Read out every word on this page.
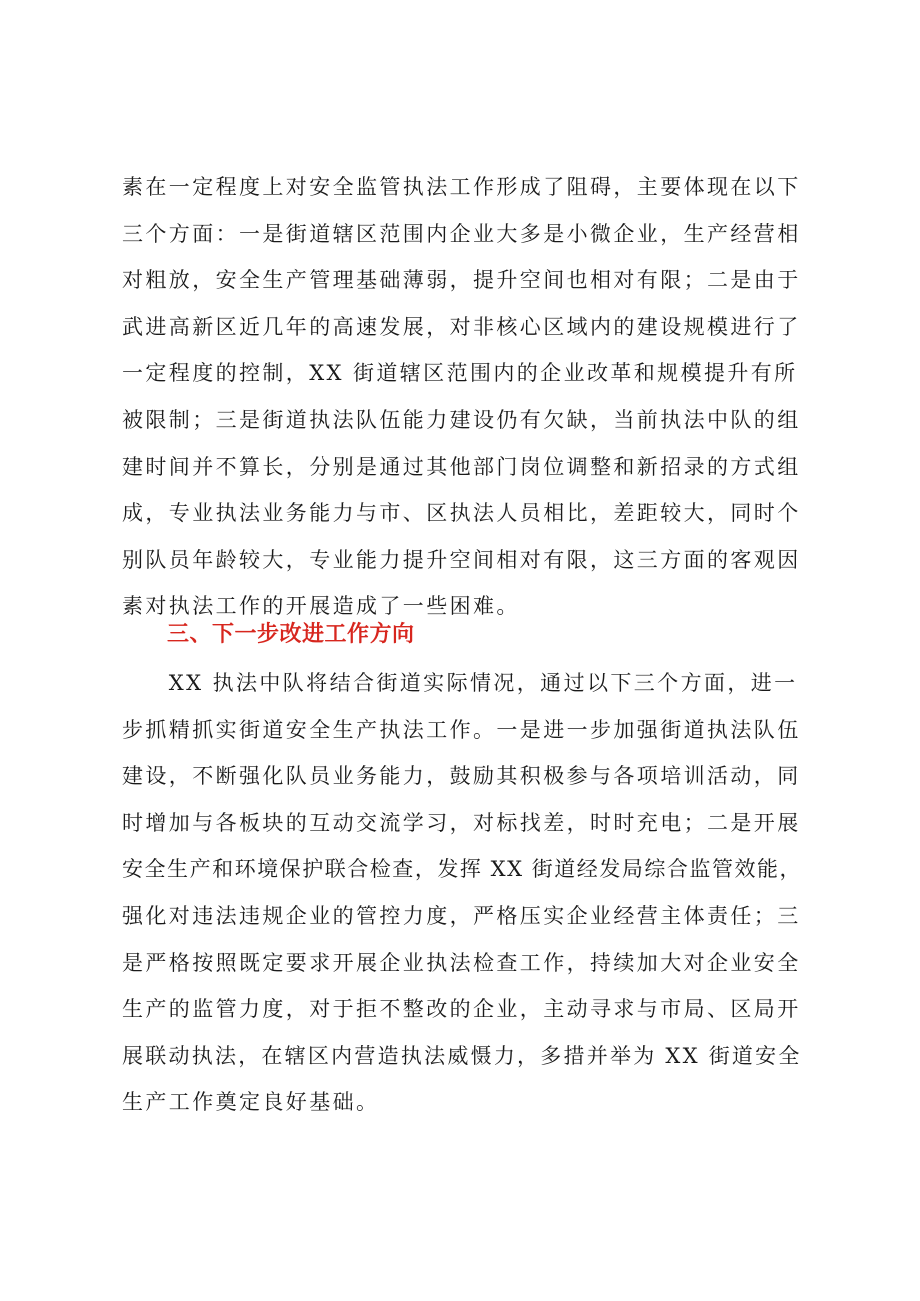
素在一定程度上对安全监管执法工作形成了阻碍，主要体现在以下
三个方面：一是街道辖区范围内企业大多是小微企业，生产经营相
对粗放，安全生产管理基础薄弱，提升空间也相对有限；二是由于
武进高新区近几年的高速发展，对非核心区域内的建设规模进行了
一定程度的控制，XX 街道辖区范围内的企业改革和规模提升有所
被限制；三是街道执法队伍能力建设仍有欠缺，当前执法中队的组
建时间并不算长，分别是通过其他部门岗位调整和新招录的方式组
成，专业执法业务能力与市、区执法人员相比，差距较大，同时个
别队员年龄较大，专业能力提升空间相对有限，这三方面的客观因
素对执法工作的开展造成了一些困难。
三、下一步改进工作方向
　　XX 执法中队将结合街道实际情况，通过以下三个方面，进一
步抓精抓实街道安全生产执法工作。一是进一步加强街道执法队伍
建设，不断强化队员业务能力，鼓励其积极参与各项培训活动，同
时增加与各板块的互动交流学习，对标找差，时时充电；二是开展
安全生产和环境保护联合检查，发挥 XX 街道经发局综合监管效能，
强化对违法违规企业的管控力度，严格压实企业经营主体责任；三
是严格按照既定要求开展企业执法检查工作，持续加大对企业安全
生产的监管力度，对于拒不整改的企业，主动寻求与市局、区局开
展联动执法，在辖区内营造执法威慑力，多措并举为 XX 街道安全
生产工作奠定良好基础。
